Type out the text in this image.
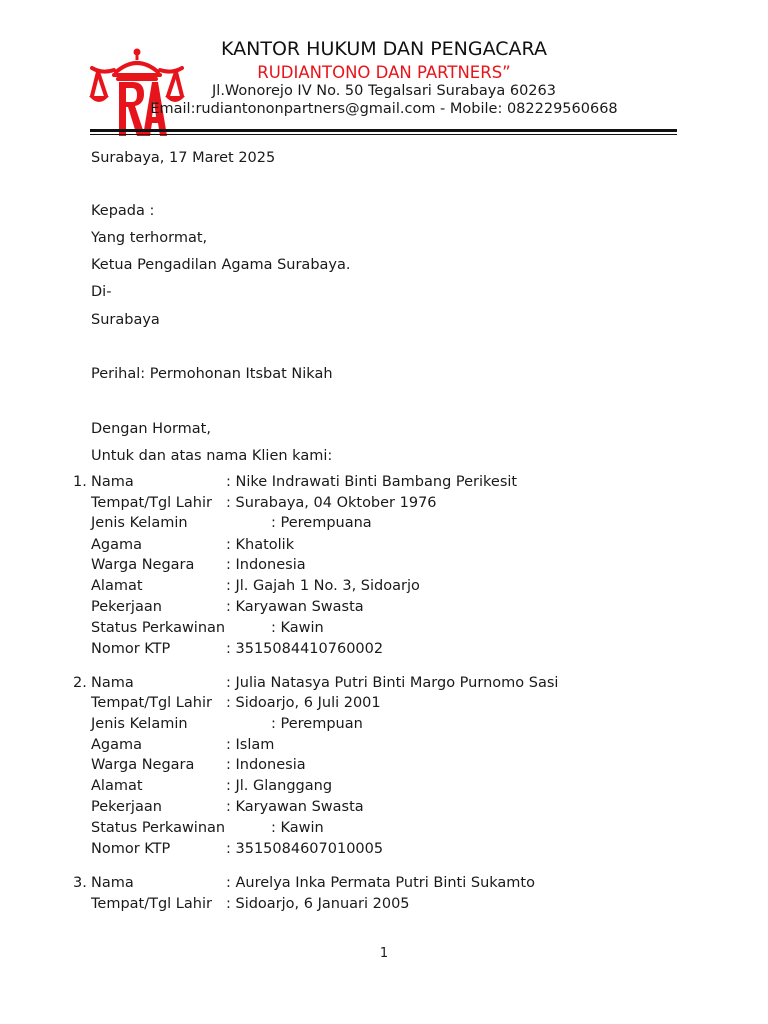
KANTOR HUKUM DAN PENGACARA
RUDIANTONO DAN PARTNERS”
Jl.Wonorejo IV No. 50 Tegalsari Surabaya 60263
Email:rudiantononpartners@gmail.com - Mobile: 082229560668
Surabaya, 17 Maret 2025
Kepada :
Yang terhormat,
Ketua Pengadilan Agama Surabaya.
Di-
Surabaya
Perihal: Permohonan Itsbat Nikah
Dengan Hormat,
Untuk dan atas nama Klien kami:
1. Nama	: Nike Indrawati Binti Bambang Perikesit
Tempat/Tgl Lahir : Surabaya, 04 Oktober 1976
Jenis Kelamin	: Perempuana
Agama	: Khatolik
Warga Negara : Indonesia
Alamat	: Jl. Gajah 1 No. 3, Sidoarjo
Pekerjaan	: Karyawan Swasta
Status Perkawinan	: Kawin
Nomor KTP	: 3515084410760002
2. Nama	: Julia Natasya Putri Binti Margo Purnomo Sasi
Tempat/Tgl Lahir : Sidoarjo, 6 Juli 2001
Jenis Kelamin	: Perempuan
Agama	: Islam
Warga Negara : Indonesia
Alamat	: Jl. Glanggang
Pekerjaan	: Karyawan Swasta
Status Perkawinan	: Kawin
Nomor KTP	: 3515084607010005
3. Nama	: Aurelya Inka Permata Putri Binti Sukamto
Tempat/Tgl Lahir : Sidoarjo, 6 Januari 2005
1
